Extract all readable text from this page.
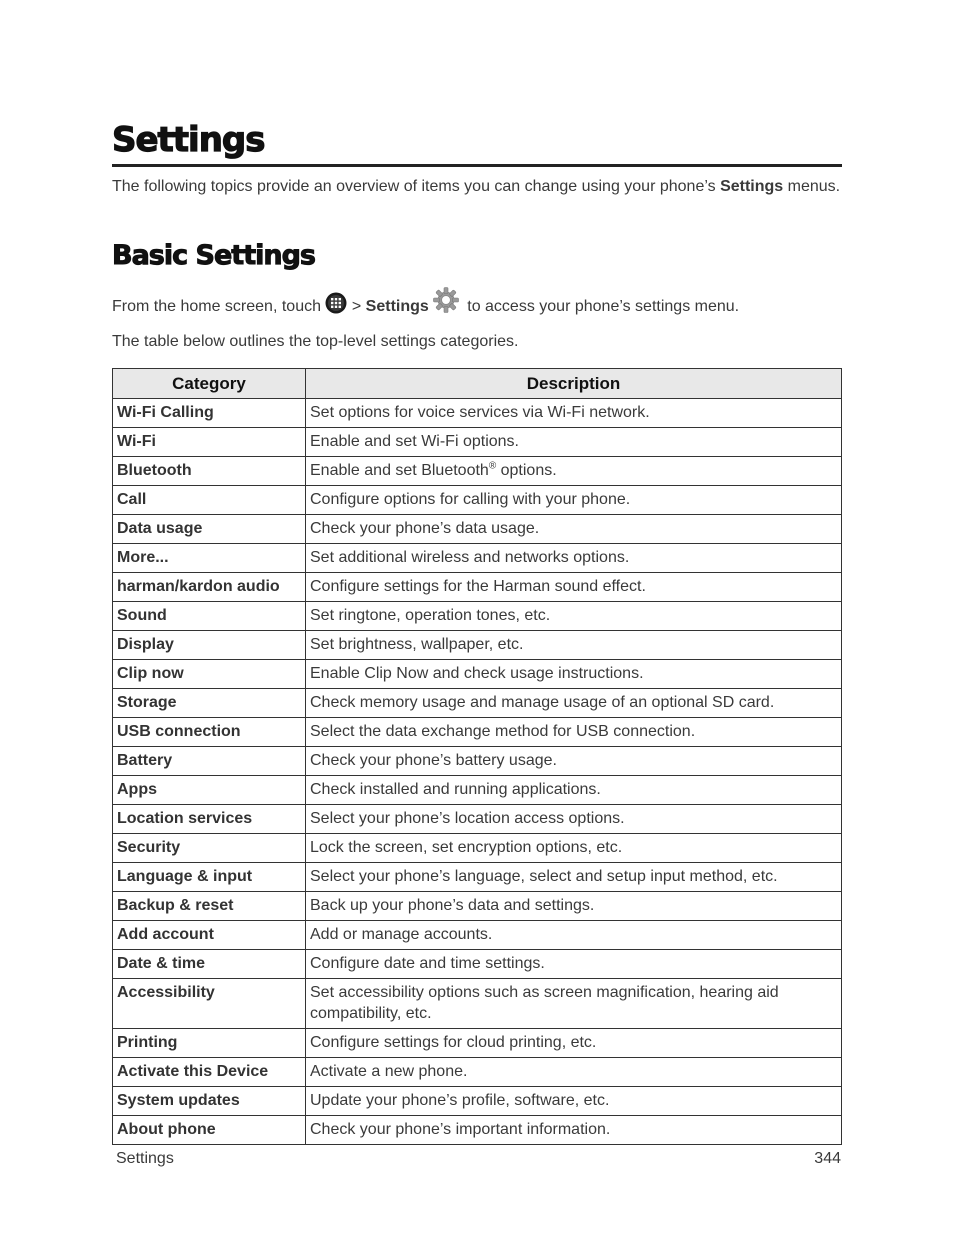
Settings

The following topics provide an overview of items you can change using your phone’s Settings menus.

Basic Settings

From the home screen, touch  > Settings to access your phone’s settings menu.

The table below outlines the top-level settings categories.

Category	Description
Wi-Fi Calling	Set options for voice services via Wi-Fi network.
Wi-Fi	Enable and set Wi-Fi options.
Bluetooth	Enable and set Bluetooth® options.
Call	Configure options for calling with your phone.
Data usage	Check your phone’s data usage.
More...	Set additional wireless and networks options.
harman/kardon audio	Configure settings for the Harman sound effect.
Sound	Set ringtone, operation tones, etc.
Display	Set brightness, wallpaper, etc.
Clip now	Enable Clip Now and check usage instructions.
Storage	Check memory usage and manage usage of an optional SD card.
USB connection	Select the data exchange method for USB connection.
Battery	Check your phone’s battery usage.
Apps	Check installed and running applications.
Location services	Select your phone’s location access options.
Security	Lock the screen, set encryption options, etc.
Language & input	Select your phone’s language, select and setup input method, etc.
Backup & reset	Back up your phone’s data and settings.
Add account	Add or manage accounts.
Date & time	Configure date and time settings.
Accessibility	Set accessibility options such as screen magnification, hearing aid compatibility, etc.
Printing	Configure settings for cloud printing, etc.
Activate this Device	Activate a new phone.
System updates	Update your phone’s profile, software, etc.
About phone	Check your phone’s important information.
Settings	344
